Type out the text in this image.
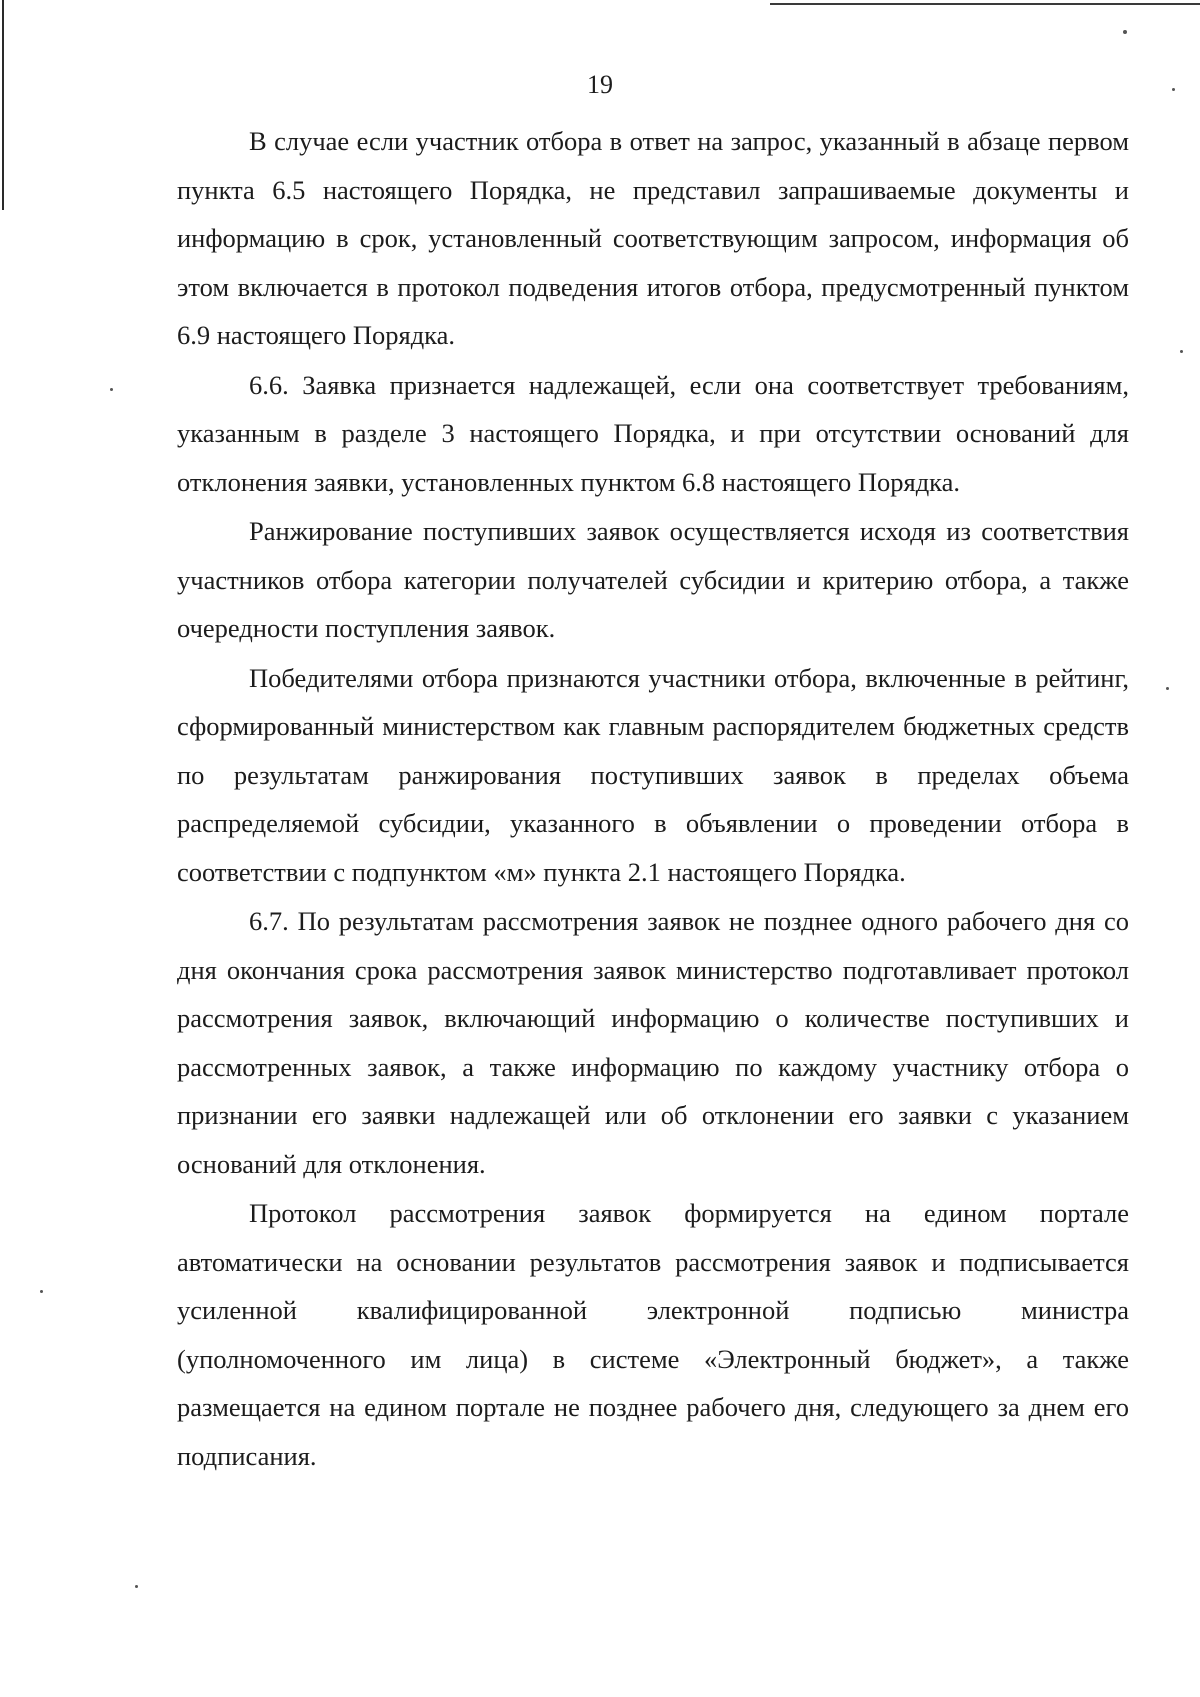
19

В случае если участник отбора в ответ на запрос, указанный в абзаце первом пункта 6.5 настоящего Порядка, не представил запрашиваемые документы и информацию в срок, установленный соответствующим запросом, информация об этом включается в протокол подведения итогов отбора, предусмотренный пунктом 6.9 настоящего Порядка.

6.6. Заявка признается надлежащей, если она соответствует требованиям, указанным в разделе 3 настоящего Порядка, и при отсутствии оснований для отклонения заявки, установленных пунктом 6.8 настоящего Порядка.

Ранжирование поступивших заявок осуществляется исходя из соответствия участников отбора категории получателей субсидии и критерию отбора, а также очередности поступления заявок.

Победителями отбора признаются участники отбора, включенные в рейтинг, сформированный министерством как главным распорядителем бюджетных средств по результатам ранжирования поступивших заявок в пределах объема распределяемой субсидии, указанного в объявлении о проведении отбора в соответствии с подпунктом «м» пункта 2.1 настоящего Порядка.

6.7. По результатам рассмотрения заявок не позднее одного рабочего дня со дня окончания срока рассмотрения заявок министерство подготавливает протокол рассмотрения заявок, включающий информацию о количестве поступивших и рассмотренных заявок, а также информацию по каждому участнику отбора о признании его заявки надлежащей или об отклонении его заявки с указанием оснований для отклонения.

Протокол рассмотрения заявок формируется на едином портале автоматически на основании результатов рассмотрения заявок и подписывается усиленной квалифицированной электронной подписью министра (уполномоченного им лица) в системе «Электронный бюджет», а также размещается на едином портале не позднее рабочего дня, следующего за днем его подписания.
